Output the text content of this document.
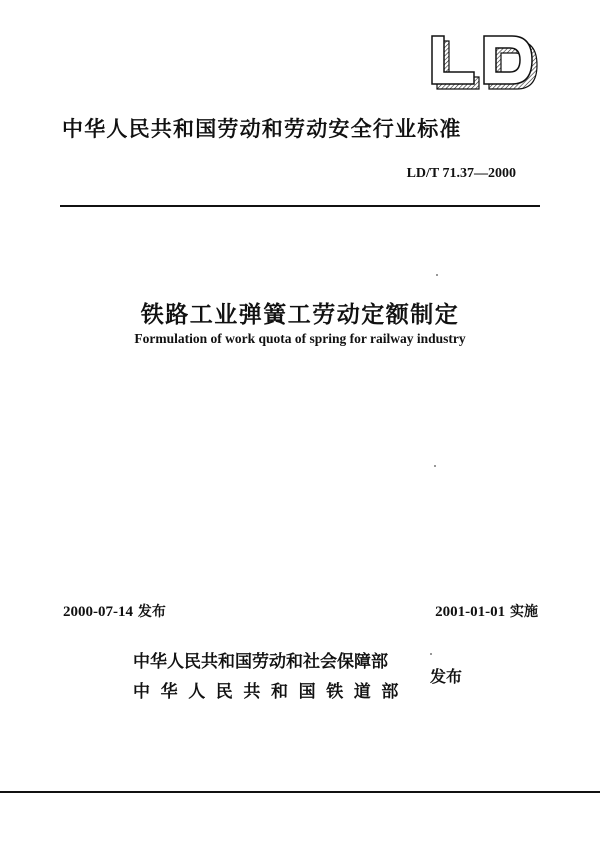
中华人民共和国劳动和劳动安全行业标准
LD/T 71.37—2000
铁路工业弹簧工劳动定额制定
Formulation of work quota of spring for railway industry
2000-07-14 发布	2001-01-01 实施
中华人民共和国劳动和社会保障部
中华人民共和国铁道部
发布
